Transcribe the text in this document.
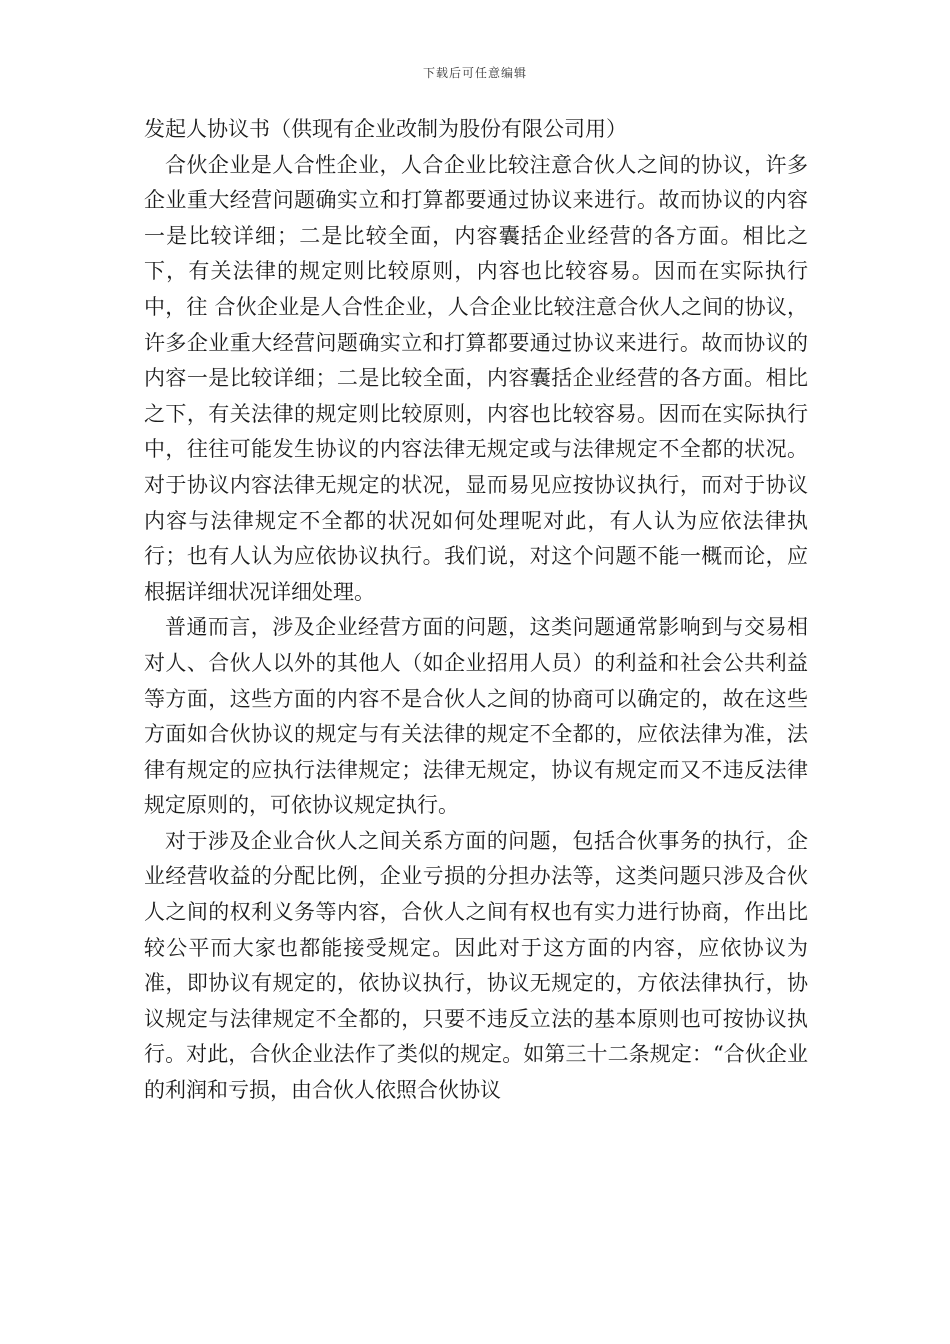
下载后可任意编辑

发起人协议书（供现有企业改制为股份有限公司用）

合伙企业是人合性企业，人合企业比较注意合伙人之间的协议，许多企业重大经营问题确实立和打算都要通过协议来进行。故而协议的内容一是比较详细；二是比较全面，内容囊括企业经营的各方面。相比之下，有关法律的规定则比较原则，内容也比较容易。因而在实际执行中，往 合伙企业是人合性企业，人合企业比较注意合伙人之间的协议，许多企业重大经营问题确实立和打算都要通过协议来进行。故而协议的内容一是比较详细；二是比较全面，内容囊括企业经营的各方面。相比之下，有关法律的规定则比较原则，内容也比较容易。因而在实际执行中，往往可能发生协议的内容法律无规定或与法律规定不全都的状况。对于协议内容法律无规定的状况，显而易见应按协议执行，而对于协议内容与法律规定不全都的状况如何处理呢对此，有人认为应依法律执行；也有人认为应依协议执行。我们说，对这个问题不能一概而论，应根据详细状况详细处理。

普通而言，涉及企业经营方面的问题，这类问题通常影响到与交易相对人、合伙人以外的其他人（如企业招用人员）的利益和社会公共利益等方面，这些方面的内容不是合伙人之间的协商可以确定的，故在这些方面如合伙协议的规定与有关法律的规定不全都的，应依法律为准，法律有规定的应执行法律规定；法律无规定，协议有规定而又不违反法律规定原则的，可依协议规定执行。

对于涉及企业合伙人之间关系方面的问题，包括合伙事务的执行，企业经营收益的分配比例，企业亏损的分担办法等，这类问题只涉及合伙人之间的权利义务等内容，合伙人之间有权也有实力进行协商，作出比较公平而大家也都能接受规定。因此对于这方面的内容，应依协议为准，即协议有规定的，依协议执行，协议无规定的，方依法律执行，协议规定与法律规定不全都的，只要不违反立法的基本原则也可按协议执行。对此，合伙企业法作了类似的规定。如第三十二条规定：“合伙企业的利润和亏损，由合伙人依照合伙协议
